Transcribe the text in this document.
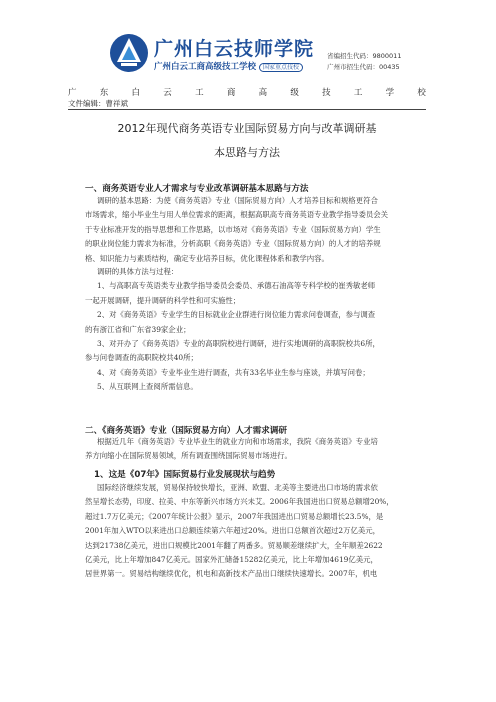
广州白云技师学院
广州白云工商高级技工学校 国家重点技校
省编招生代码：9800011
广州市招生代码：00435
广	东	白	云	工	商	高	级	技	工	学	校
文件编辑：曹祥斌
2012年现代商务英语专业国际贸易方向与改革调研基
本思路与方法
一、商务英语专业人才需求与专业改革调研基本思路与方法
调研的基本思路：为使《商务英语》专业（国际贸易方向）人才培养目标和规格更符合
市场需求，缩小毕业生与用人单位需求的距离，根据高职高专商务英语专业教学指导委员会关
于专业标准开发的指导思想和工作思路，以市场对《商务英语》专业（国际贸易方向）学生
的职业岗位能力需求为标准，分析高职《商务英语》专业（国际贸易方向）的人才的培养规
格、知识能力与素质结构，确定专业培养目标，优化课程体系和教学内容。
调研的具体方法与过程：
1、与高职高专英语类专业教学指导委员会委员、承德石油高等专科学校的崔秀敏老师
一起开展调研，提升调研的科学性和可实施性；
2、对《商务英语》专业学生的目标就业企业群进行岗位能力需求问卷调查，参与调查
的有浙江省和广东省39家企业；
3、对开办了《商务英语》专业的高职院校进行调研，进行实地调研的高职院校共6所，
参与问卷调查的高职院校共40所；
4、对《商务英语》专业毕业生进行调查，共有33名毕业生参与座谈，并填写问卷；
5、从互联网上查阅所需信息。
二、《商务英语》专业（国际贸易方向）人才需求调研
根据近几年《商务英语》专业毕业生的就业方向和市场需求，我院《商务英语》专业培
养方向缩小在国际贸易领域，所有调查围绕国际贸易市场进行。
1、这是《07年》国际贸易行业发展现状与趋势
国际经济继续发展，贸易保持较快增长，亚洲、欧盟、北美等主要进出口市场的需求依
然呈增长态势，印度、拉美、中东等新兴市场方兴未艾。2006年我国进出口贸易总额增20%，
超过1.7万亿美元；《2007年统计公报》显示，2007年我国进出口贸易总额增长23.5%，是
2001年加入WTO以来进出口总额连续第六年超过20%。进出口总额首次超过2万亿美元，
达到21738亿美元，进出口规模比2001年翻了两番多。贸易顺差继续扩大，全年顺差2622
亿美元，比上年增加847亿美元。国家外汇储备15282亿美元，比上年增加4619亿美元，
居世界第一。贸易结构继续优化，机电和高新技术产品出口继续快速增长。2007年，机电
